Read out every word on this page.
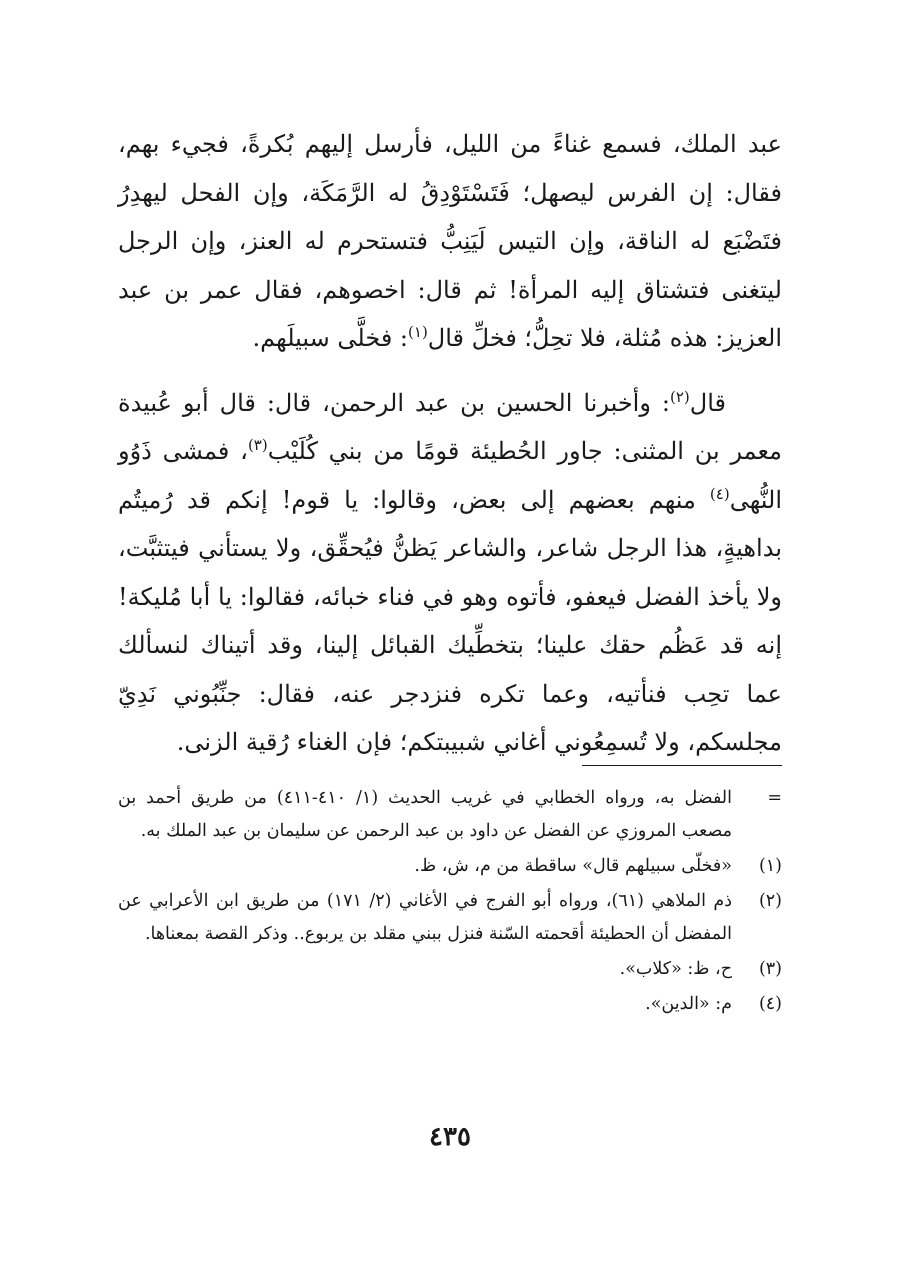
عبد الملك، فسمع غناءً من الليل، فأرسل إليهم بُكرةً، فجيء بهم، فقال: إن الفرس ليصهل؛ فَتَسْتَوْدِقُ له الرَّمَكَة، وإن الفحل ليهدِرُ فتَضْبَع له الناقة، وإن التيس لَيَنِبُّ فتستحرم له العنز، وإن الرجل ليتغنى فتشتاق إليه المرأة! ثم قال: اخصوهم، فقال عمر بن عبد العزيز: هذه مُثلة، فلا تحِلُّ؛ فخلِّ قال$^{(١)}$: فخلَّى سبيلَهم.

قال$^{(٢)}$: وأخبرنا الحسين بن عبد الرحمن، قال: قال أبو عُبيدة معمر بن المثنى: جاور الحُطيئة قومًا من بني كُلَيْب$^{(٣)}$، فمشى ذَوُو النُّهى$^{(٤)}$ منهم بعضهم إلى بعض، وقالوا: يا قوم! إنكم قد رُميتُم بداهيةٍ، هذا الرجل شاعر، والشاعر يَظنُّ فيُحقِّق، ولا يستأني فيتثبَّت، ولا يأخذ الفضل فيعفو، فأتوه وهو في فناء خبائه، فقالوا: يا أبا مُليكة! إنه قد عَظُم حقك علينا؛ بتخطِّيك القبائل إلينا، وقد أتيناك لنسألك عما تحِب فنأتيه، وعما تكره فنزدجر عنه، فقال: جنِّبُوني نَدِيّ مجلسكم، ولا تُسمِعُوني أغاني شبيبتكم؛ فإن الغناء رُقية الزنى.

=
الفضل به، ورواه الخطابي في غريب الحديث (١/ ٤١٠-٤١١) من طريق أحمد بن مصعب المروزي عن الفضل عن داود بن عبد الرحمن عن سليمان بن عبد الملك به.
(١)
«فخلّى سبيلهم قال» ساقطة من م، ش، ظ.
(٢)
ذم الملاهي (٦١)، ورواه أبو الفرج في الأغاني (٢/ ١٧١) من طريق ابن الأعرابي عن المفضل أن الحطيئة أقحمته السّنة فنزل ببني مقلد بن يربوع.. وذكر القصة بمعناها.
(٣)
ح، ظ: «كلاب».
(٤)
م: «الدين».
٤٣٥
